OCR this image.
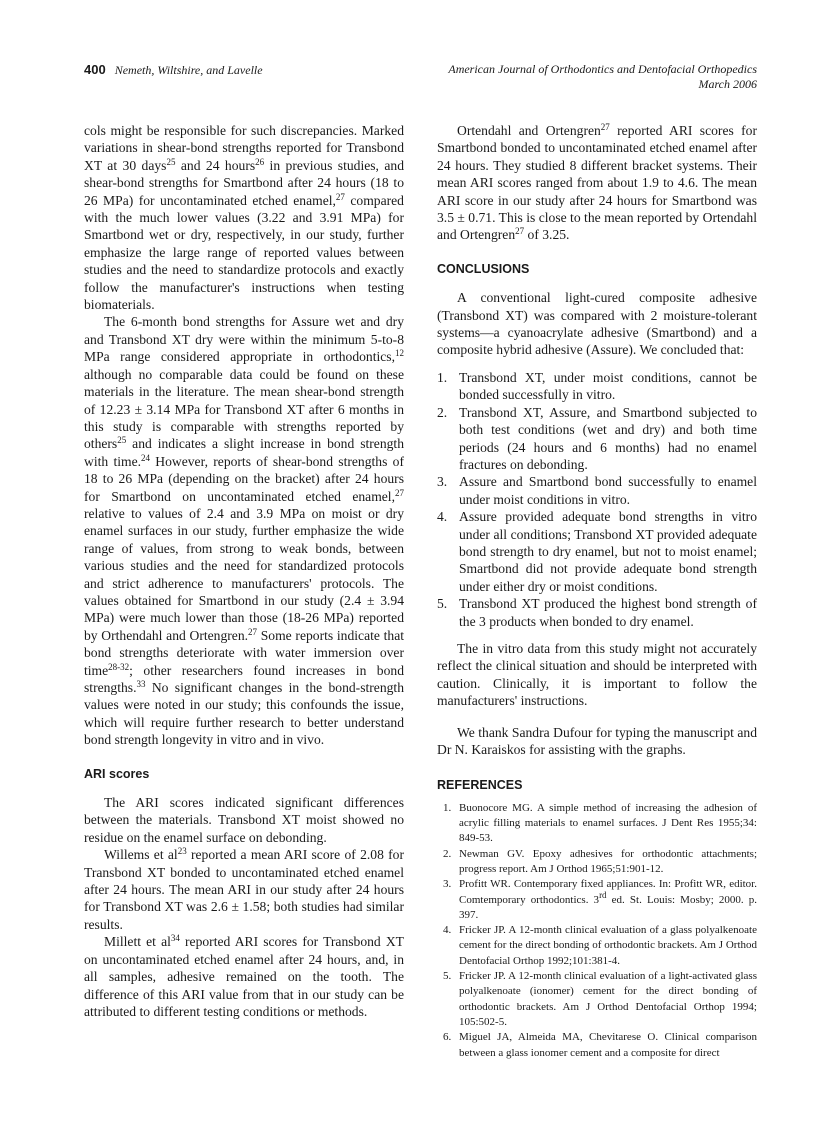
400 Nemeth, Wiltshire, and Lavelle	American Journal of Orthodontics and Dentofacial Orthopedics
March 2006

cols might be responsible for such discrepancies. Marked variations in shear-bond strengths reported for Transbond XT at 30 days$^{25}$ and 24 hours$^{26}$ in previous studies, and shear-bond strengths for Smartbond after 24 hours (18 to 26 MPa) for uncontaminated etched enamel,$^{27}$ compared with the much lower values (3.22 and 3.91 MPa) for Smartbond wet or dry, respectively, in our study, further emphasize the large range of reported values between studies and the need to standardize protocols and exactly follow the manufacturer's instructions when testing biomaterials.

The 6-month bond strengths for Assure wet and dry and Transbond XT dry were within the minimum 5-to-8 MPa range considered appropriate in orthodontics,$^{12}$ although no comparable data could be found on these materials in the literature. The mean shear-bond strength of 12.23 ± 3.14 MPa for Transbond XT after 6 months in this study is comparable with strengths reported by others$^{25}$ and indicates a slight increase in bond strength with time.$^{24}$ However, reports of shear-bond strengths of 18 to 26 MPa (depending on the bracket) after 24 hours for Smartbond on uncontaminated etched enamel,$^{27}$ relative to values of 2.4 and 3.9 MPa on moist or dry enamel surfaces in our study, further emphasize the wide range of values, from strong to weak bonds, between various studies and the need for standardized protocols and strict adherence to manufacturers' protocols. The values obtained for Smartbond in our study (2.4 ± 3.94 MPa) were much lower than those (18-26 MPa) reported by Orthendahl and Ortengren.$^{27}$ Some reports indicate that bond strengths deteriorate with water immersion over time$^{28-32}$; other researchers found increases in bond strengths.$^{33}$ No significant changes in the bond-strength values were noted in our study; this confounds the issue, which will require further research to better understand bond strength longevity in vitro and in vivo.

ARI scores

The ARI scores indicated significant differences between the materials. Transbond XT moist showed no residue on the enamel surface on debonding.

Willems et $al^{23}$ reported a mean ARI score of 2.08 for Transbond XT bonded to uncontaminated etched enamel after 24 hours. The mean ARI in our study after 24 hours for Transbond XT was 2.6 ± 1.58; both studies had similar results.

Millett et $al^{34}$ reported ARI scores for Transbond XT on uncontaminated etched enamel after 24 hours, and, in all samples, adhesive remained on the tooth. The difference of this ARI value from that in our study can be attributed to different testing conditions or methods.

Ortendahl and Ortengren$^{27}$ reported ARI scores for Smartbond bonded to uncontaminated etched enamel after 24 hours. They studied 8 different bracket systems. Their mean ARI scores ranged from about 1.9 to 4.6. The mean ARI score in our study after 24 hours for Smartbond was 3.5 ± 0.71. This is close to the mean reported by Ortendahl and Ortengren$^{27}$ of 3.25.

CONCLUSIONS

A conventional light-cured composite adhesive (Transbond XT) was compared with 2 moisture-tolerant systems—a cyanoacrylate adhesive (Smartbond) and a composite hybrid adhesive (Assure). We concluded that:

1. Transbond XT, under moist conditions, cannot be bonded successfully in vitro.
2. Transbond XT, Assure, and Smartbond subjected to both test conditions (wet and dry) and both time periods (24 hours and 6 months) had no enamel fractures on debonding.
3. Assure and Smartbond bond successfully to enamel under moist conditions in vitro.
4. Assure provided adequate bond strengths in vitro under all conditions; Transbond XT provided adequate bond strength to dry enamel, but not to moist enamel; Smartbond did not provide adequate bond strength under either dry or moist conditions.
5. Transbond XT produced the highest bond strength of the 3 products when bonded to dry enamel.

The in vitro data from this study might not accurately reflect the clinical situation and should be interpreted with caution. Clinically, it is important to follow the manufacturers' instructions.

We thank Sandra Dufour for typing the manuscript and Dr N. Karaiskos for assisting with the graphs.

REFERENCES
1. Buonocore MG. A simple method of increasing the adhesion of acrylic filling materials to enamel surfaces. J Dent Res 1955;34: 849-53.
2. Newman GV. Epoxy adhesives for orthodontic attachments; progress report. Am J Orthod 1965;51:901-12.
3. Profitt WR. Contemporary fixed appliances. In: Profitt WR, editor. Comtemporary orthodontics. 3rd ed. St. Louis: Mosby; 2000. p. 397.
4. Fricker JP. A 12-month clinical evaluation of a glass polyalkenoate cement for the direct bonding of orthodontic brackets. Am J Orthod Dentofacial Orthop 1992;101:381-4.
5. Fricker JP. A 12-month clinical evaluation of a light-activated glass polyalkenoate (ionomer) cement for the direct bonding of orthodontic brackets. Am J Orthod Dentofacial Orthop 1994; 105:502-5.
6. Miguel JA, Almeida MA, Chevitarese O. Clinical comparison between a glass ionomer cement and a composite for direct
